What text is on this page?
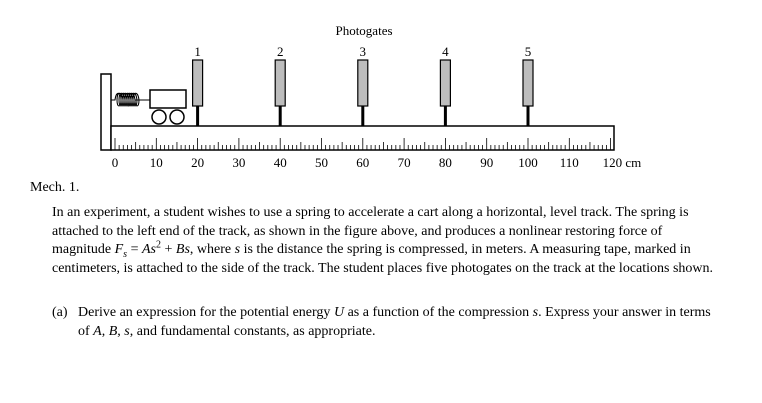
Photogates
1	2	3	4	5
0 10 20 30 40 50 60 70 80 90 100 110 120 cm
Mech. 1.

In an experiment, a student wishes to use a spring to accelerate a cart along a horizontal, level track. The spring is attached to the left end of the track, as shown in the figure above, and produces a nonlinear restoring force of magnitude $F_s = As^2 + Bs$, where s is the distance the spring is compressed, in meters. A measuring tape, marked in centimeters, is attached to the side of the track. The student places five photogates on the track at the locations shown.

(a) Derive an expression for the potential energy U as a function of the compression s. Express your answer in terms of A, B, s, and fundamental constants, as appropriate.
